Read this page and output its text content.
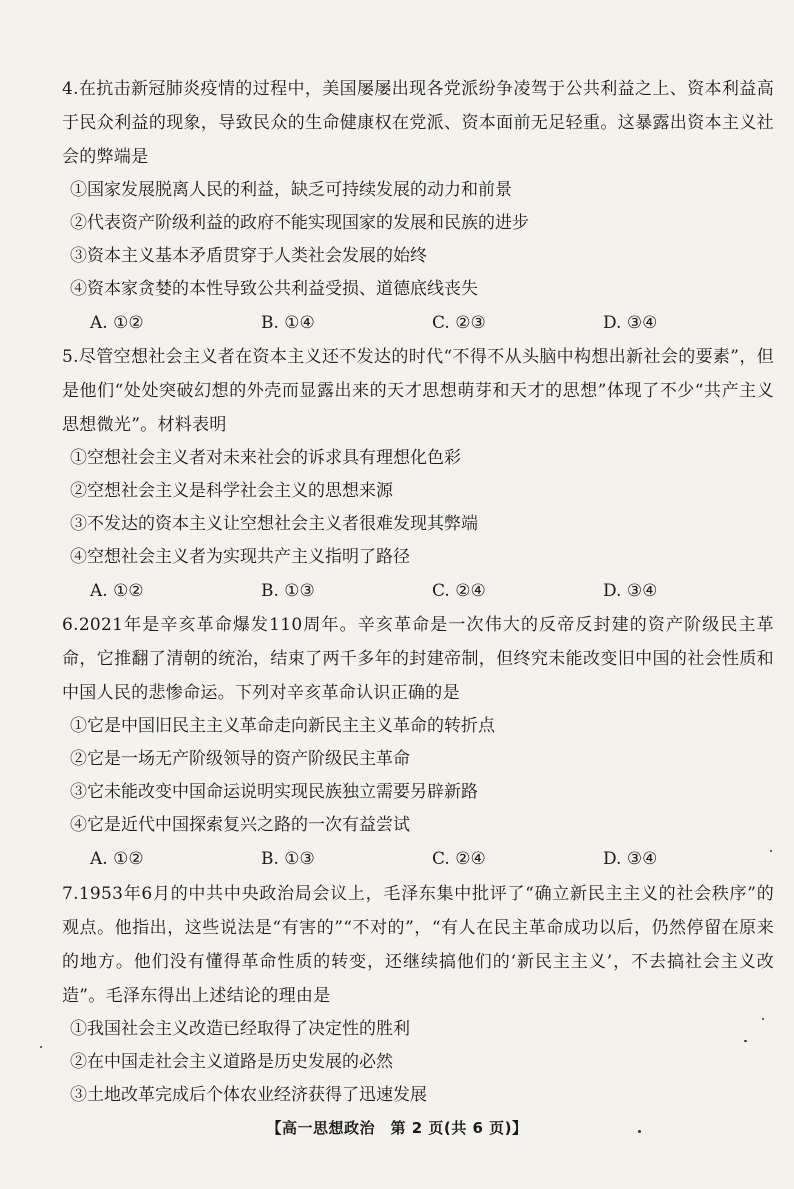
4.在抗击新冠肺炎疫情的过程中，美国屡屡出现各党派纷争凌驾于公共利益之上、资本利益高于民众利益的现象，导致民众的生命健康权在党派、资本面前无足轻重。这暴露出资本主义社会的弊端是

①国家发展脱离人民的利益，缺乏可持续发展的动力和前景

②代表资产阶级利益的政府不能实现国家的发展和民族的进步

③资本主义基本矛盾贯穿于人类社会发展的始终

④资本家贪婪的本性导致公共利益受损、道德底线丧失

A. ①②	B. ①④	C. ②③	D. ③④

5.尽管空想社会主义者在资本主义还不发达的时代“不得不从头脑中构想出新社会的要素”，但是他们“处处突破幻想的外壳而显露出来的天才思想萌芽和天才的思想”体现了不少“共产主义思想微光”。材料表明

①空想社会主义者对未来社会的诉求具有理想化色彩

②空想社会主义是科学社会主义的思想来源

③不发达的资本主义让空想社会主义者很难发现其弊端

④空想社会主义者为实现共产主义指明了路径

A. ①②	B. ①③	C. ②④	D. ③④

6.2021年是辛亥革命爆发110周年。辛亥革命是一次伟大的反帝反封建的资产阶级民主革命，它推翻了清朝的统治，结束了两千多年的封建帝制，但终究未能改变旧中国的社会性质和中国人民的悲惨命运。下列对辛亥革命认识正确的是

①它是中国旧民主主义革命走向新民主主义革命的转折点

②它是一场无产阶级领导的资产阶级民主革命

③它未能改变中国命运说明实现民族独立需要另辟新路

④它是近代中国探索复兴之路的一次有益尝试

A. ①②	B. ①③	C. ②④	D. ③④

7.1953年6月的中共中央政治局会议上，毛泽东集中批评了“确立新民主主义的社会秩序”的观点。他指出，这些说法是“有害的”“不对的”，“有人在民主革命成功以后，仍然停留在原来的地方。他们没有懂得革命性质的转变，还继续搞他们的‘新民主主义’，不去搞社会主义改造”。毛泽东得出上述结论的理由是

①我国社会主义改造已经取得了决定性的胜利

②在中国走社会主义道路是历史发展的必然

③土地改革完成后个体农业经济获得了迅速发展

【高一思想政治　第 2 页(共 6 页)】
